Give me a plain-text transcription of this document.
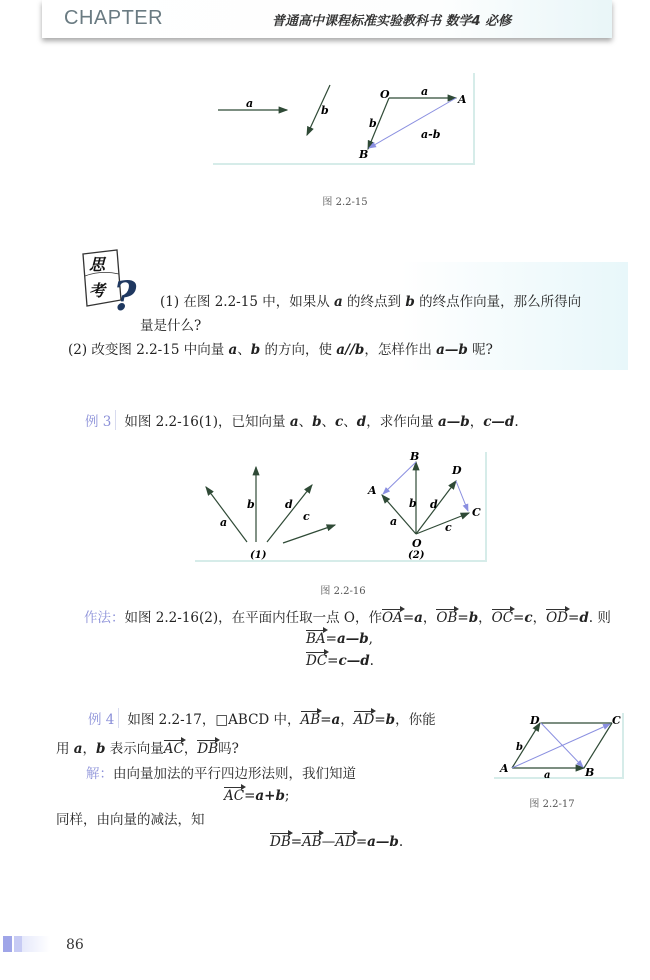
CHAPTER	普通高中课程标准实验教科书 数学4 必修
a
b
O	a
A
b
a-b
B
图 2.2-15
思
考 ? (1) 在图 2.2-15 中，如果从 a 的终点到 b 的终点作向量，那么所得向
量是什么?
(2) 改变图 2.2-15 中向量 a、b 的方向，使 a//b，怎样作出 a—b 呢?
例 3 如图 2.2-16(1)，已知向量 a、b、c、d，求作向量 a—b，c—d.
a
b	d
c
(1)
B
A
D
C
a
b d
c
O
(2)
图 2.2-16
作法：如图 2.2-16(2)，在平面内任取一点 O，作OA=a，OB=b，OC=c，OD=d. 则
BA=a—b,
DC=c—d.
例 4 如图 2.2-17，□ABCD 中，AB=a，AD=b，你能
用 a，b 表示向量AC，DB吗?
解：由向量加法的平行四边形法则，我们知道
AC=a+b;
同样，由向量的减法，知
DB=AB—AD=a—b.
A	B
C
D
a
b
图 2.2-17
86
